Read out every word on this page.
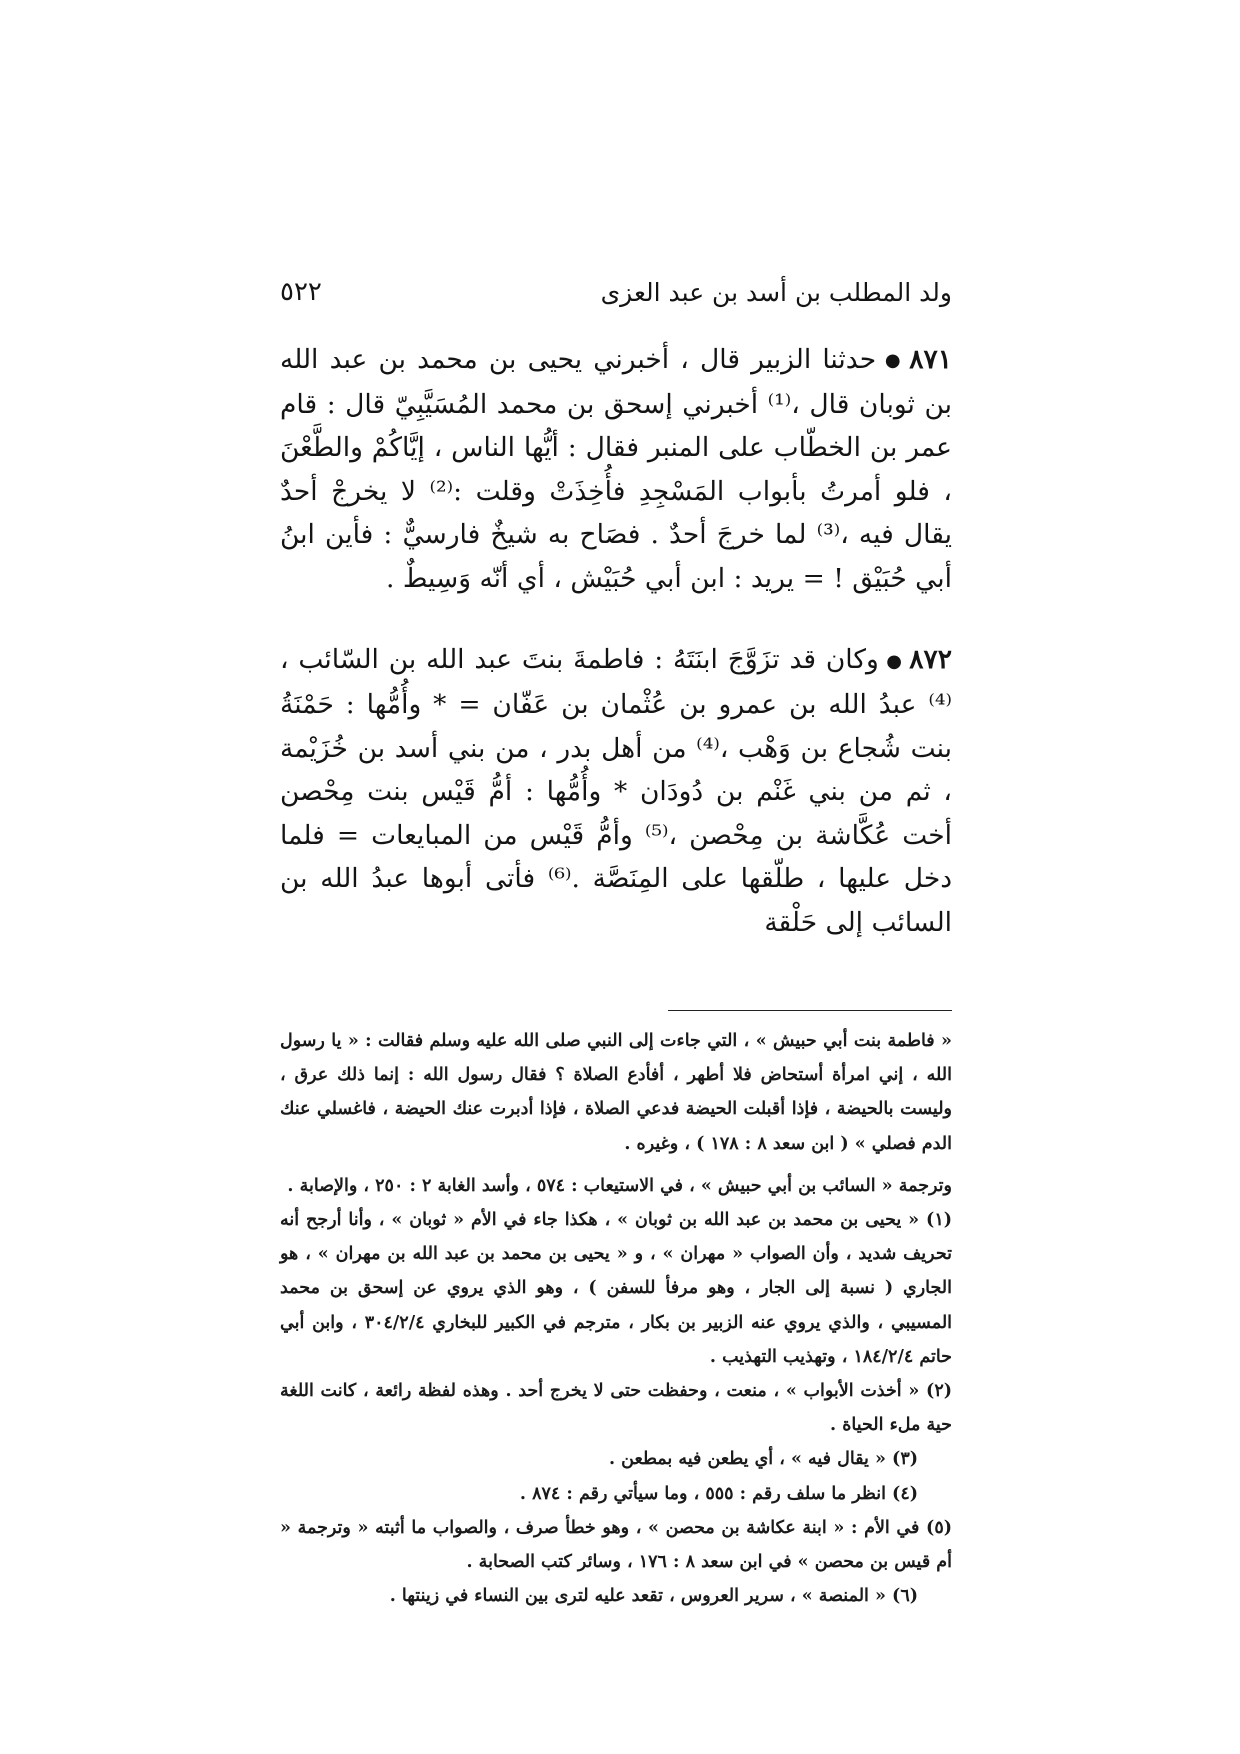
ولد المطلب بن أسد بن عبد العزى
٥٢٢

٨٧١●حدثنا الزبير قال ، أخبرني يحيى بن محمد بن عبد الله بن ثوبان قال ،⁽¹⁾ أخبرني إسحق بن محمد المُسَيَّبِيّ قال : قام عمر بن الخطّاب على المنبر فقال : أيُّها الناس ، إيَّاكُمْ والطَّعْنَ ، فلو أمرتُ بأبواب المَسْجِدِ فأُخِذَتْ وقلت :⁽²⁾ لا يخرجْ أحدٌ يقال فيه ،⁽³⁾ لما خرجَ أحدٌ . فصَاح به شيخٌ فارسيٌّ : فأين ابنُ أبي حُبَيْق ! = يريد : ابن أبي حُبَيْش ، أي أنّه وَسِيطٌ .

٨٧٢●وكان قد تزَوَّجَ ابنَتَهُ : فاطمةَ بنتَ عبد الله بن السّائب ،⁽⁴⁾ عبدُ الله بن عمرو بن عُثْمان بن عَفّان = * وأُمُّها : حَمْنَةُ بنت شُجاع بن وَهْب ،⁽⁴⁾ من أهل بدر ، من بني أسد بن خُزَيْمة ، ثم من بني غَنْم بن دُودَان * وأُمُّها : أمُّ قَيْس بنت مِحْصن أخت عُكَّاشة بن مِحْصن ،⁽⁵⁾ وأمُّ قَيْس من المبايعات = فلما دخل عليها ، طلّقها على المِنَصَّة .⁽⁶⁾ فأتى أبوها عبدُ الله بن السائب إلى حَلْقة

« فاطمة بنت أبي حبيش » ، التي جاءت إلى النبي صلى الله عليه وسلم فقالت : « يا رسول الله ، إني امرأة أستحاض فلا أطهر ، أفأدع الصلاة ؟ فقال رسول الله : إنما ذلك عرق ، وليست بالحيضة ، فإذا أقبلت الحيضة فدعي الصلاة ، فإذا أدبرت عنك الحيضة ، فاغسلي عنك الدم فصلي » ( ابن سعد ٨ : ١٧٨ ) ، وغيره .

وترجمة « السائب بن أبي حبيش » ، في الاستيعاب : ٥٧٤ ، وأسد الغابة ٢ : ٢٥٠ ، والإصابة .

(١) « يحيى بن محمد بن عبد الله بن ثوبان » ، هكذا جاء في الأم « ثوبان » ، وأنا أرجح أنه تحريف شديد ، وأن الصواب « مهران » ، و « يحيى بن محمد بن عبد الله بن مهران » ، هو الجاري ( نسبة إلى الجار ، وهو مرفأ للسفن ) ، وهو الذي يروي عن إسحق بن محمد المسيبي ، والذي يروي عنه الزبير بن بكار ، مترجم في الكبير للبخاري ٣٠٤/٢/٤ ، وابن أبي حاتم ١٨٤/٢/٤ ، وتهذيب التهذيب .

(٢) « أخذت الأبواب » ، منعت ، وحفظت حتى لا يخرج أحد . وهذه لفظة رائعة ، كانت اللغة حية ملء الحياة .

(٣) « يقال فيه » ، أي يطعن فيه بمطعن .

(٤) انظر ما سلف رقم : ٥٥٥ ، وما سيأتي رقم : ٨٧٤ .

(٥) في الأم : « ابنة عكاشة بن محصن » ، وهو خطأ صرف ، والصواب ما أثبته « وترجمة « أم قيس بن محصن » في ابن سعد ٨ : ١٧٦ ، وسائر كتب الصحابة .

(٦) « المنصة » ، سرير العروس ، تقعد عليه لترى بين النساء في زينتها .
